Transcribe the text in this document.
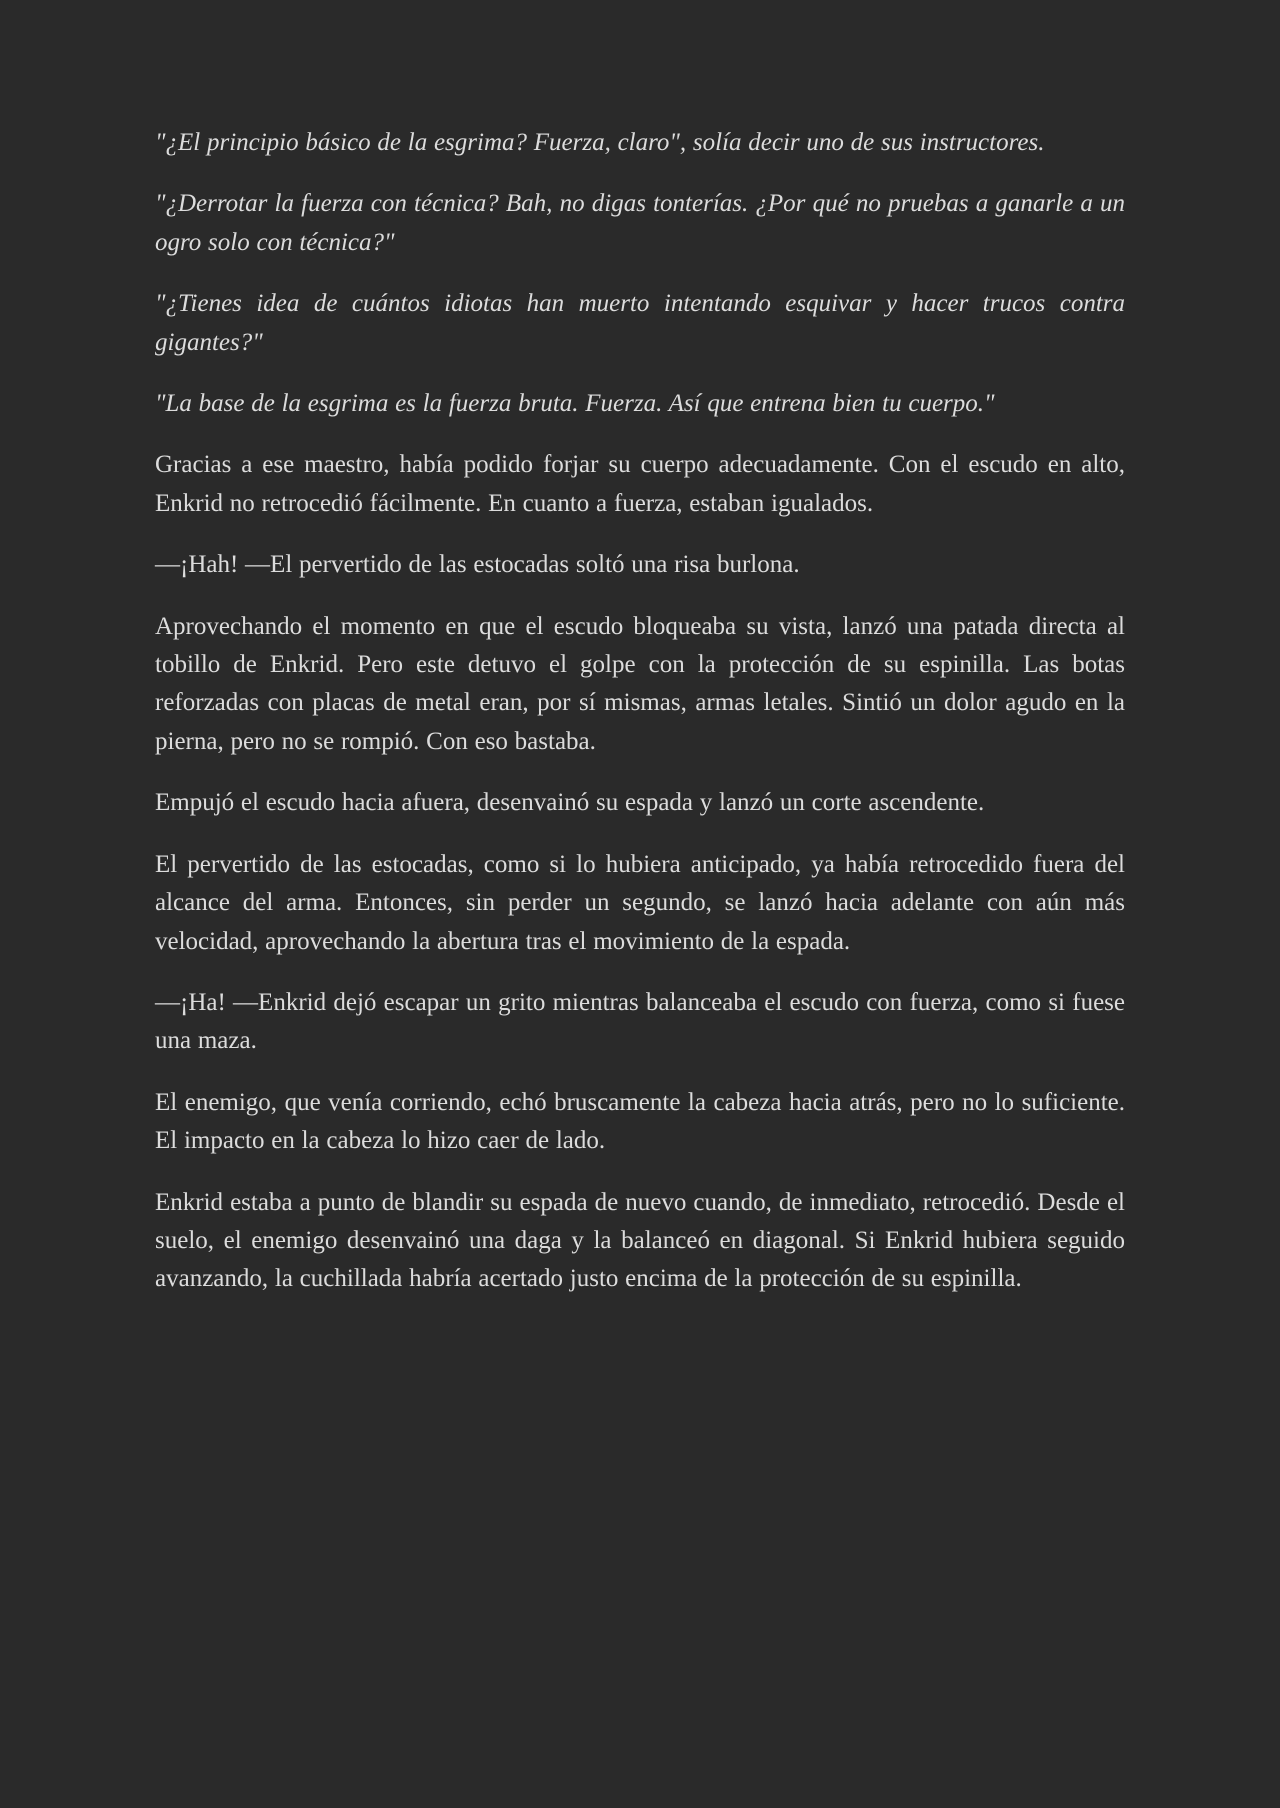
"¿El principio básico de la esgrima? Fuerza, claro", solía decir uno de sus instructores.

"¿Derrotar la fuerza con técnica? Bah, no digas tonterías. ¿Por qué no pruebas a ganarle a un ogro solo con técnica?"

"¿Tienes idea de cuántos idiotas han muerto intentando esquivar y hacer trucos contra gigantes?"

"La base de la esgrima es la fuerza bruta. Fuerza. Así que entrena bien tu cuerpo."

Gracias a ese maestro, había podido forjar su cuerpo adecuadamente. Con el escudo en alto, Enkrid no retrocedió fácilmente. En cuanto a fuerza, estaban igualados.

—¡Hah! —El pervertido de las estocadas soltó una risa burlona.

Aprovechando el momento en que el escudo bloqueaba su vista, lanzó una patada directa al tobillo de Enkrid. Pero este detuvo el golpe con la protección de su espinilla. Las botas reforzadas con placas de metal eran, por sí mismas, armas letales. Sintió un dolor agudo en la pierna, pero no se rompió. Con eso bastaba.

Empujó el escudo hacia afuera, desenvainó su espada y lanzó un corte ascendente.

El pervertido de las estocadas, como si lo hubiera anticipado, ya había retrocedido fuera del alcance del arma. Entonces, sin perder un segundo, se lanzó hacia adelante con aún más velocidad, aprovechando la abertura tras el movimiento de la espada.

—¡Ha! —Enkrid dejó escapar un grito mientras balanceaba el escudo con fuerza, como si fuese una maza.

El enemigo, que venía corriendo, echó bruscamente la cabeza hacia atrás, pero no lo suficiente. El impacto en la cabeza lo hizo caer de lado.

Enkrid estaba a punto de blandir su espada de nuevo cuando, de inmediato, retrocedió. Desde el suelo, el enemigo desenvainó una daga y la balanceó en diagonal. Si Enkrid hubiera seguido avanzando, la cuchillada habría acertado justo encima de la protección de su espinilla.
